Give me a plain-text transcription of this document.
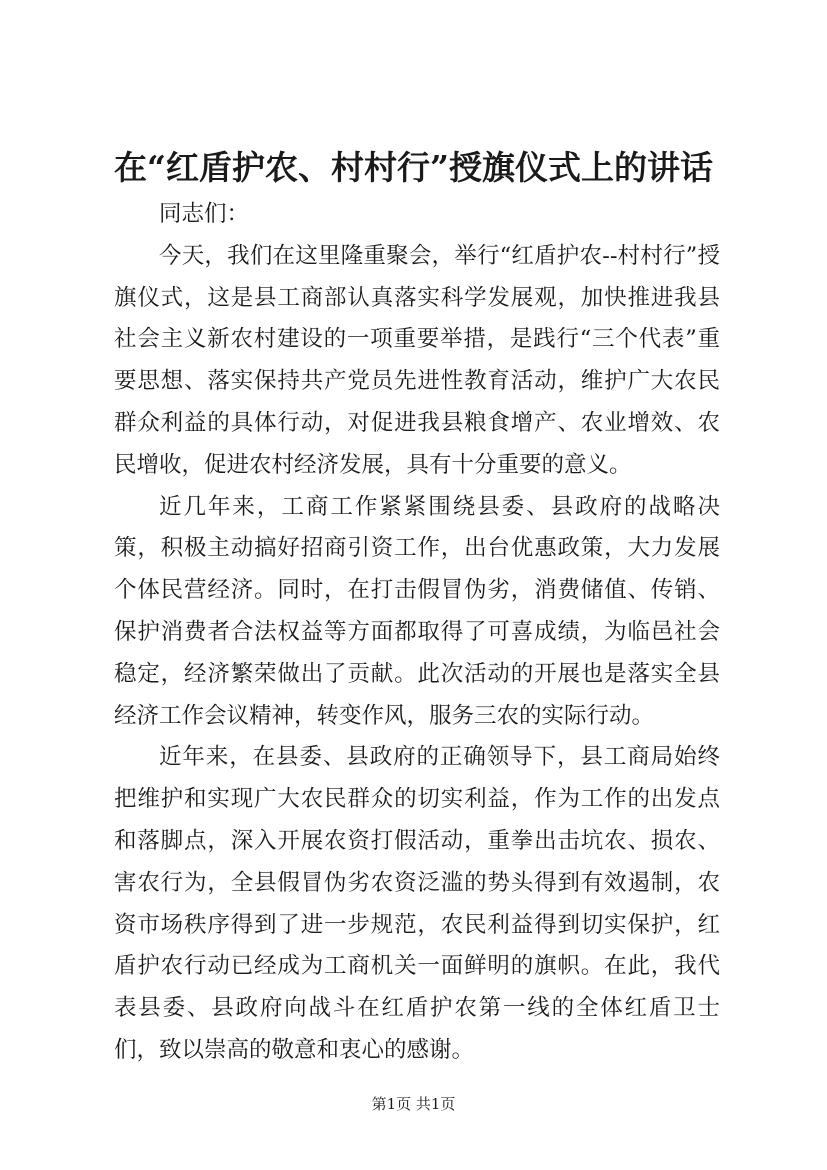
在“红盾护农、村村行”授旗仪式上的讲话

同志们：

今天，我们在这里隆重聚会，举行“红盾护农--村村行”授旗仪式，这是县工商部认真落实科学发展观，加快推进我县社会主义新农村建设的一项重要举措，是践行“三个代表”重要思想、落实保持共产党员先进性教育活动，维护广大农民群众利益的具体行动，对促进我县粮食增产、农业增效、农民增收，促进农村经济发展，具有十分重要的意义。

近几年来，工商工作紧紧围绕县委、县政府的战略决策，积极主动搞好招商引资工作，出台优惠政策，大力发展个体民营经济。同时，在打击假冒伪劣，消费储值、传销、保护消费者合法权益等方面都取得了可喜成绩，为临邑社会稳定，经济繁荣做出了贡献。此次活动的开展也是落实全县经济工作会议精神，转变作风，服务三农的实际行动。

近年来，在县委、县政府的正确领导下，县工商局始终把维护和实现广大农民群众的切实利益，作为工作的出发点和落脚点，深入开展农资打假活动，重拳出击坑农、损农、害农行为，全县假冒伪劣农资泛滥的势头得到有效遏制，农资市场秩序得到了进一步规范，农民利益得到切实保护，红盾护农行动已经成为工商机关一面鲜明的旗帜。在此，我代表县委、县政府向战斗在红盾护农第一线的全体红盾卫士们，致以崇高的敬意和衷心的感谢。

第1页 共1页
